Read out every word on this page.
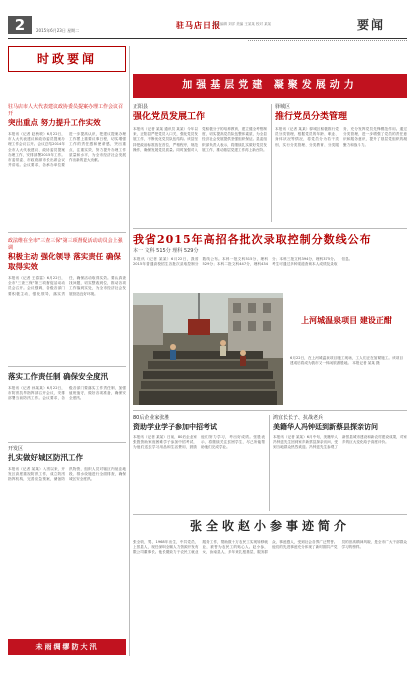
2	2015年6月23日 星期二
驻马店日报
责任编辑 刘洋 美编 王某某 校对 某某	要闻
时政要闻
驻马店市人大代表建议政协委员提案办理工作会议召开
突出重点 努力提升工作实效
本报讯（记者 赵秋坡）6月22日，市人大代表建议和政协委员提案办理工作会议召开。会议总结2014年全市人大代表建议、政协委员提案办理工作，安排部署2015年工作。市委常委、市政府副市长出席会议并讲话。会议要求，各承办单位要进一步提高认识，把建议提案办理工作摆上重要议事日程，切实增强工作的责任感和使命感，突出重点，注重实效，努力提升办理工作质量和水平，为全市经济社会发展作出新的更大贡献。
政法维在全市"三查三保"第三项督促活动动员会上强调
积极主动 强化领导 落实责任 确保取得实效
本报讯（记者 王春雷）6月22日，全市"三查三保"第三项督促活动动员会召开。会议强调，各级各部门要积极主动，强化领导，落实责任，确保活动取得实效。要认真查找问题，切实整改到位，推动各项工作落到实处，为全市经济社会发展营造良好环境。
落实工作责任制 确保安全度汛
本报讯（记者 孙某某）6月22日，市防汛抗旱指挥部召开会议，安排部署当前防汛工作。会议要求，各级各部门要落实工作责任制，加强值班值守，做好各项准备，确保安全度汛。
开发区
扎实做好城区防汛工作
本报讯（记者 某某）入汛以来，开发区高度重视防汛工作，成立防汛指挥机构，完善应急预案，储备防汛物资，组织人员对辖区内低洼地段、排水设施进行全面排查，确保城区安全度汛。
未雨绸缪防大汛
加强基层党建 凝聚发展动力
正阳县
强化党员发展工作
本报讯（记者 某某 通讯员 某某）今年以来，正阳县严把党员入口关，强化党员发展工作，不断优化党员队伍结构。该县坚持把政治标准放在首位，严格程序，规范操作，确保发展党员质量。同时加强对入党积极分子的培养教育，建立健全考察制度，切实提高党员队伍整体素质，为全县经济社会发展提供坚强组织保证。县委组织部负责人表示，将继续扎实做好党员发展工作，推动基层党建工作再上新台阶。
驿城区
推行党员分类管理
本报讯（记者 某某）驿城区积极推行党员分类管理，根据党员的年龄、职业、身体状况等情况，将党员分为若干类别，实行分类管理、分类教育、分类服务，充分发挥党员先锋模范作用。通过分类管理，进一步增强了党员的责任意识和服务意识，提升了基层党组织的凝聚力和战斗力。
我省2015年高招各批次录取控制分数线公布
本一 文科 515分 理科 529分
本报讯（记者 某某）6月22日，我省2015年普通高校招生各批次录取控制分数线公布。本科一批文科515分，理科529分；本科二批文科447分，理科434分；本科三批文科394分，理科375分。考生可通过多种渠道查询本人成绩及录取信息。
上河城温泉项目 建设正酣
6月22日，在上河城温泉项目施工现场，工人们正在加紧施工。该项目建成后将成为我市又一休闲旅游胜地。 本报记者 某某 摄
80后企业家张胜
资助学业学子参加中招考试
本报讯（记者 某某）日前，80后企业家张胜资助家庭困难学子参加中招考试，为他们送去学习用品和生活费用，鼓励他们努力学习，考出好成绩。张胜表示，将继续关注贫困学生，尽己所能帮助他们完成学业。
鸿宜长长子、抗战老兵
美籍华人冯钟廷到新蔡县探亲访问
本报讯（记者 某某）6月中旬，美籍华人冯钟廷先生回到家乡新蔡县探亲访问，受到当地群众热烈欢迎。冯钟廷先生参观了新蔡县城市建设和新农村建设成果，对家乡的巨大变化给予高度评价。
张全收赵小参事迹简介
张全收，男，1968年出生，中共党员，上蔡县人，现任深圳全顺人力资源开发有限公司董事长。他长期致力于农民工就业服务工作，帮助数十万农民工实现转移就业，被誉为农民工的贴心人。赵小参，女，汝南县人，多年来扎根基层，服务群众，事迹感人，受到社会各界广泛赞誉。他们的先进事迹充分体现了新时期共产党员的崇高精神风貌，是全市广大干部群众学习的榜样。
